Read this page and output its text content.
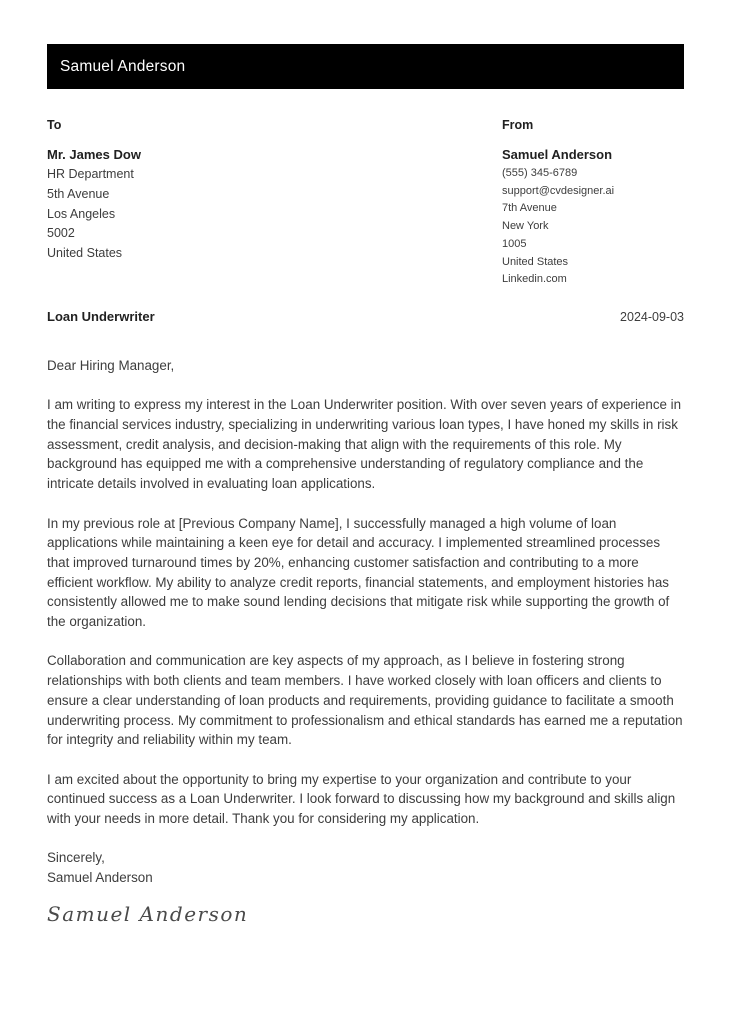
Samuel Anderson
To
Mr. James Dow
HR Department
5th Avenue
Los Angeles
5002
United States
From
Samuel Anderson
(555) 345-6789
support@cvdesigner.ai
7th Avenue
New York
1005
United States
Linkedin.com
Loan Underwriter	2024-09-03

Dear Hiring Manager,

I am writing to express my interest in the Loan Underwriter position. With over seven years of experience in the financial services industry, specializing in underwriting various loan types, I have honed my skills in risk assessment, credit analysis, and decision-making that align with the requirements of this role. My background has equipped me with a comprehensive understanding of regulatory compliance and the intricate details involved in evaluating loan applications.

In my previous role at [Previous Company Name], I successfully managed a high volume of loan applications while maintaining a keen eye for detail and accuracy. I implemented streamlined processes that improved turnaround times by 20%, enhancing customer satisfaction and contributing to a more efficient workflow. My ability to analyze credit reports, financial statements, and employment histories has consistently allowed me to make sound lending decisions that mitigate risk while supporting the growth of the organization.

Collaboration and communication are key aspects of my approach, as I believe in fostering strong relationships with both clients and team members. I have worked closely with loan officers and clients to ensure a clear understanding of loan products and requirements, providing guidance to facilitate a smooth underwriting process. My commitment to professionalism and ethical standards has earned me a reputation for integrity and reliability within my team.

I am excited about the opportunity to bring my expertise to your organization and contribute to your continued success as a Loan Underwriter. I look forward to discussing how my background and skills align with your needs in more detail. Thank you for considering my application.

Sincerely,
Samuel Anderson

Samuel Anderson
